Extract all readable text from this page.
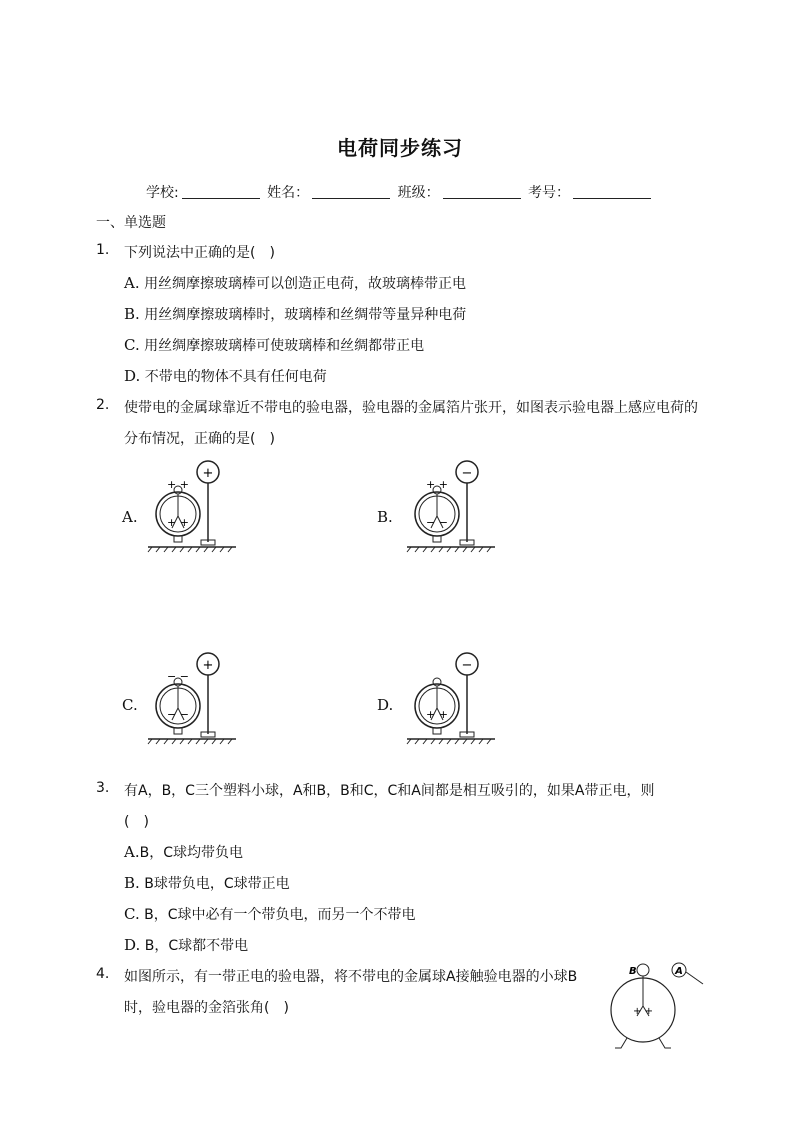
电荷同步练习
学校:	姓名：	班级：	考号：
一、单选题
1. 下列说法中正确的是(　)
A. 用丝绸摩擦玻璃棒可以创造正电荷，故玻璃棒带正电
B. 用丝绸摩擦玻璃棒时，玻璃棒和丝绸带等量异种电荷
C. 用丝绸摩擦玻璃棒可使玻璃棒和丝绸都带正电
D. 不带电的物体不具有任何电荷
2. 使带电的金属球靠近不带电的验电器，验电器的金属箔片张开，如图表示验电器上感应电荷的
分布情况，正确的是(　)
A.
+
+ +
+ +	B.
−
+ +
− −
C.
+
− −
− −
D.
−
+ +
3. 有A，B，C三个塑料小球，A和B，B和C，C和A间都是相互吸引的，如果A带正电，则
(　)
A.B，C球均带负电
B. B球带负电，C球带正电
C. B，C球中必有一个带负电，而另一个不带电
D. B，C球都不带电
4. 如图所示，有一带正电的验电器，将不带电的金属球A接触验电器的小球B
时，验电器的金箔张角(　)
B	A
+ +
